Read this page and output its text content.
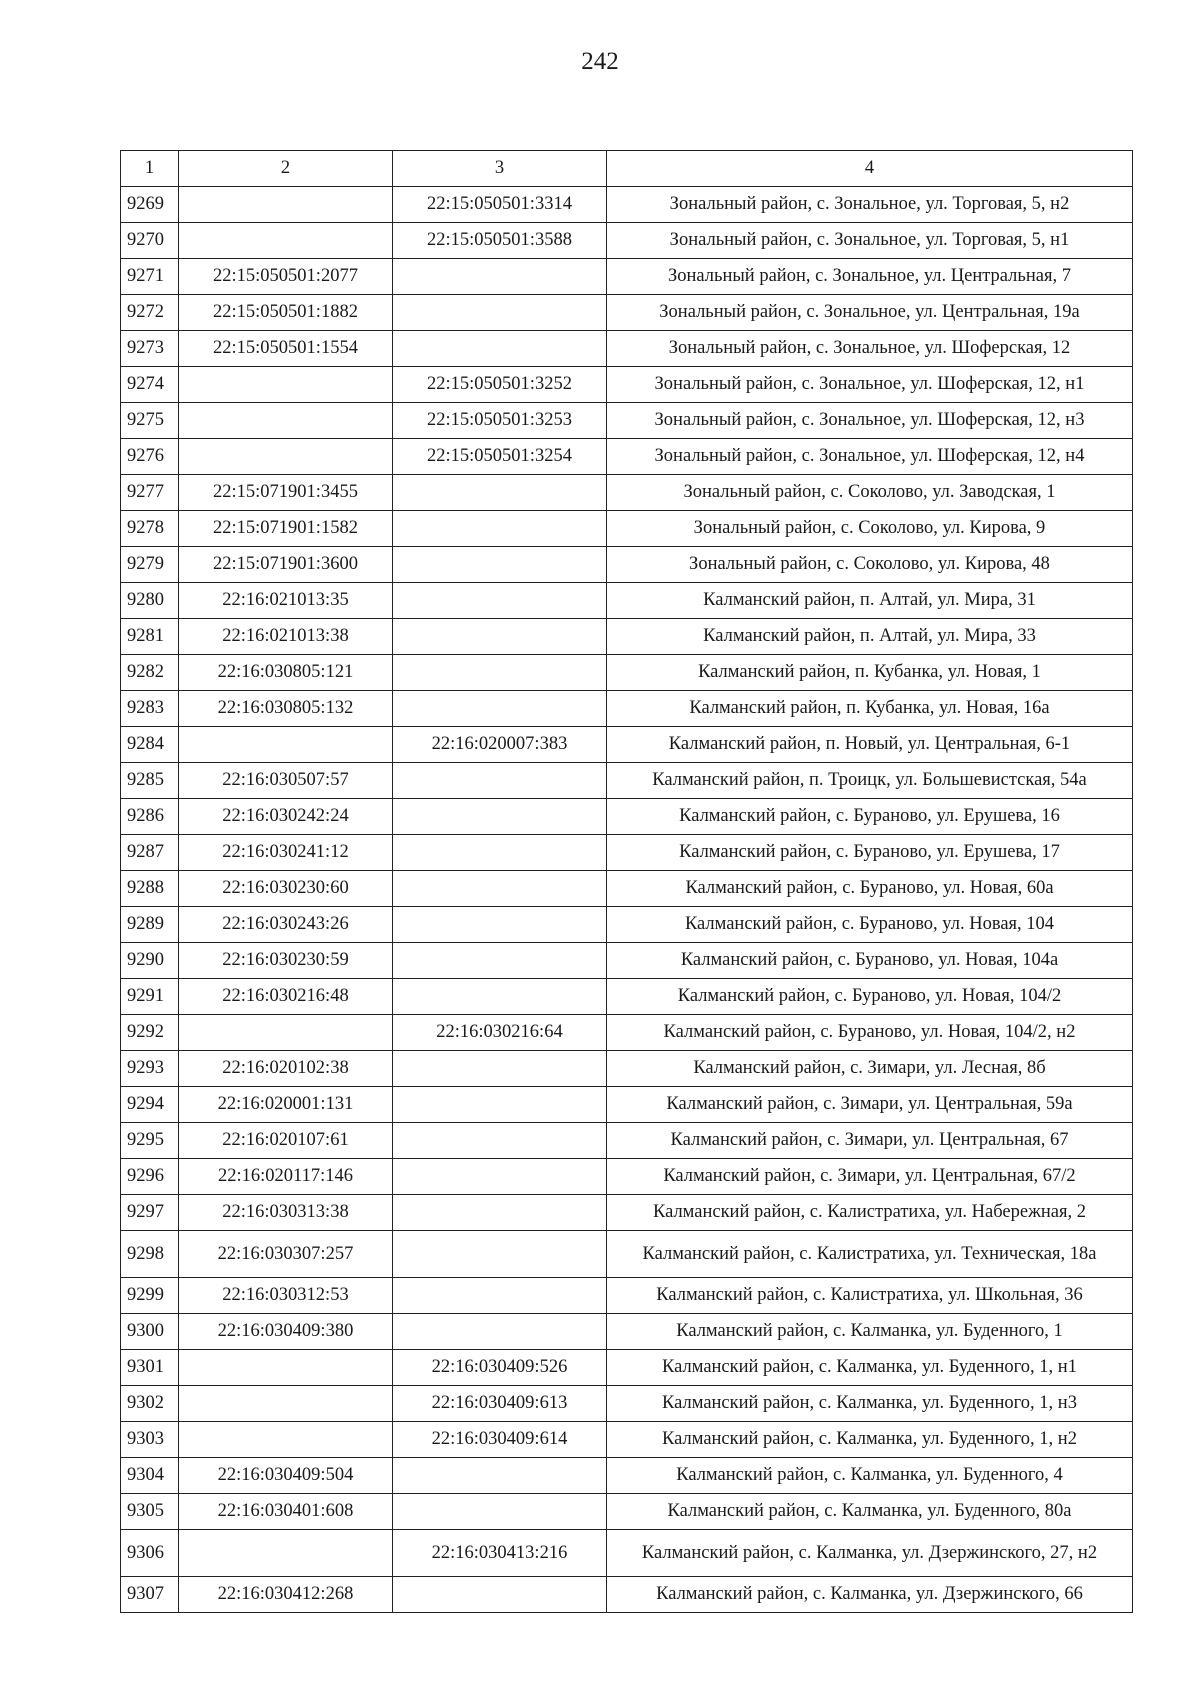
242
1	2	3	4
9269		22:15:050501:3314	Зональный район, с. Зональное, ул. Торговая, 5, н2
9270		22:15:050501:3588	Зональный район, с. Зональное, ул. Торговая, 5, н1
9271	22:15:050501:2077		Зональный район, с. Зональное, ул. Центральная, 7
9272	22:15:050501:1882		Зональный район, с. Зональное, ул. Центральная, 19а
9273	22:15:050501:1554		Зональный район, с. Зональное, ул. Шоферская, 12
9274		22:15:050501:3252	Зональный район, с. Зональное, ул. Шоферская, 12, н1
9275		22:15:050501:3253	Зональный район, с. Зональное, ул. Шоферская, 12, н3
9276		22:15:050501:3254	Зональный район, с. Зональное, ул. Шоферская, 12, н4
9277	22:15:071901:3455		Зональный район, с. Соколово, ул. Заводская, 1
9278	22:15:071901:1582		Зональный район, с. Соколово, ул. Кирова, 9
9279	22:15:071901:3600		Зональный район, с. Соколово, ул. Кирова, 48
9280	22:16:021013:35		Калманский район, п. Алтай, ул. Мира, 31
9281	22:16:021013:38		Калманский район, п. Алтай, ул. Мира, 33
9282	22:16:030805:121		Калманский район, п. Кубанка, ул. Новая, 1
9283	22:16:030805:132		Калманский район, п. Кубанка, ул. Новая, 16а
9284		22:16:020007:383	Калманский район, п. Новый, ул. Центральная, 6-1
9285	22:16:030507:57		Калманский район, п. Троицк, ул. Большевистская, 54а
9286	22:16:030242:24		Калманский район, с. Бураново, ул. Ерушева, 16
9287	22:16:030241:12		Калманский район, с. Бураново, ул. Ерушева, 17
9288	22:16:030230:60		Калманский район, с. Бураново, ул. Новая, 60а
9289	22:16:030243:26		Калманский район, с. Бураново, ул. Новая, 104
9290	22:16:030230:59		Калманский район, с. Бураново, ул. Новая, 104а
9291	22:16:030216:48		Калманский район, с. Бураново, ул. Новая, 104/2
9292		22:16:030216:64	Калманский район, с. Бураново, ул. Новая, 104/2, н2
9293	22:16:020102:38		Калманский район, с. Зимари, ул. Лесная, 8б
9294	22:16:020001:131		Калманский район, с. Зимари, ул. Центральная, 59а
9295	22:16:020107:61		Калманский район, с. Зимари, ул. Центральная, 67
9296	22:16:020117:146		Калманский район, с. Зимари, ул. Центральная, 67/2
9297	22:16:030313:38		Калманский район, с. Калистратиха, ул. Набережная, 2
9298	22:16:030307:257		Калманский район, с. Калистратиха, ул. Техническая, 18а
9299	22:16:030312:53		Калманский район, с. Калистратиха, ул. Школьная, 36
9300	22:16:030409:380		Калманский район, с. Калманка, ул. Буденного, 1
9301		22:16:030409:526	Калманский район, с. Калманка, ул. Буденного, 1, н1
9302		22:16:030409:613	Калманский район, с. Калманка, ул. Буденного, 1, н3
9303		22:16:030409:614	Калманский район, с. Калманка, ул. Буденного, 1, н2
9304	22:16:030409:504		Калманский район, с. Калманка, ул. Буденного, 4
9305	22:16:030401:608		Калманский район, с. Калманка, ул. Буденного, 80а
9306		22:16:030413:216	Калманский район, с. Калманка, ул. Дзержинского, 27, н2
9307	22:16:030412:268		Калманский район, с. Калманка, ул. Дзержинского, 66
